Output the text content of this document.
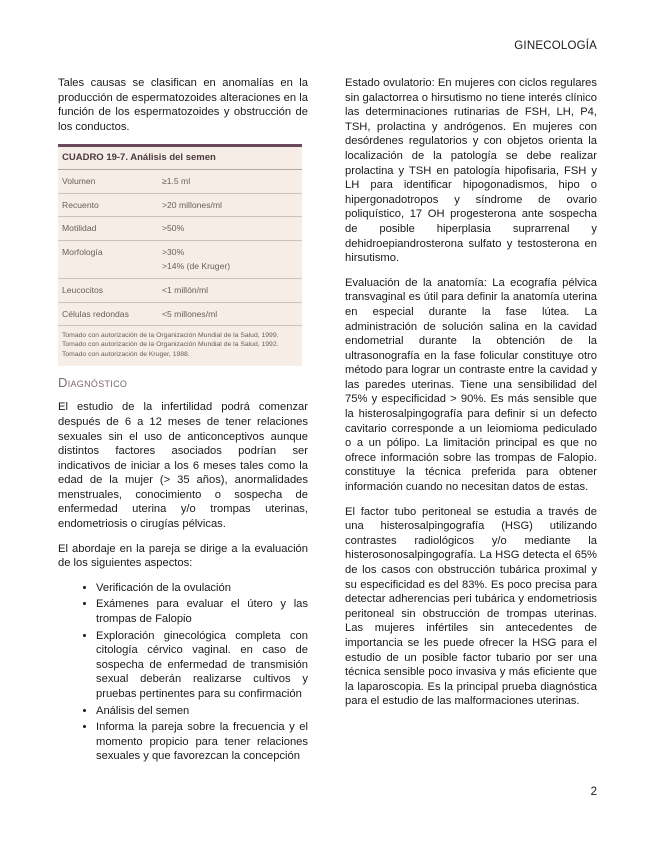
GINECOLOGÍA

Tales causas se clasifican en anomalías en la producción de espermatozoides alteraciones en la función de los espermatozoides y obstrucción de los conductos.

CUADRO 19-7. Análisis del semen
Volumen	≥1.5 ml
Recuento	>20 millones/ml
Motilidad	>50%
Morfología	>30%
>14% (de Kruger)
Leucocitos	<1 millón/ml
Células redondas	<5 millones/ml
Tomado con autorización de la Organización Mundial de la Salud, 1999.
Tomado con autorización de la Organización Mundial de la Salud, 1992.
Tomado con autorización de Kruger, 1988.
Diagnóstico

El estudio de la infertilidad podrá comenzar después de 6 a 12 meses de tener relaciones sexuales sin el uso de anticonceptivos aunque distintos factores asociados podrían ser indicativos de iniciar a los 6 meses tales como la edad de la mujer (> 35 años), anormalidades menstruales, conocimiento o sospecha de enfermedad uterina y/o trompas uterinas, endometriosis o cirugías pélvicas.

El abordaje en la pareja se dirige a la evaluación de los siguientes aspectos:

• Verificación de la ovulación
• Exámenes para evaluar el útero y las trompas de Falopio
• Exploración ginecológica completa con citología cérvico vaginal. en caso de sospecha de enfermedad de transmisión sexual deberán realizarse cultivos y pruebas pertinentes para su confirmación
• Análisis del semen
• Informa la pareja sobre la frecuencia y el momento propicio para tener relaciones sexuales y que favorezcan la concepción

Estado ovulatorio: En mujeres con ciclos regulares sin galactorrea o hirsutismo no tiene interés clínico las determinaciones rutinarias de FSH, LH, P4, TSH, prolactina y andrógenos. En mujeres con desórdenes regulatorios y con objetos orienta la localización de la patología se debe realizar prolactina y TSH en patología hipofisaria, FSH y LH para identificar hipogonadismos, hipo o hipergonadotropos y síndrome de ovario poliquístico, 17 OH progesterona ante sospecha de posible hiperplasia suprarrenal y dehidroepiandrosterona sulfato y testosterona en hirsutismo.

Evaluación de la anatomía: La ecografía pélvica transvaginal es útil para definir la anatomía uterina en especial durante la fase lútea. La administración de solución salina en la cavidad endometrial durante la obtención de la ultrasonografía en la fase folicular constituye otro método para lograr un contraste entre la cavidad y las paredes uterinas. Tiene una sensibilidad del 75% y especificidad > 90%. Es más sensible que la histerosalpingografía para definir si un defecto cavitario corresponde a un leiomioma pediculado o a un pólipo. La limitación principal es que no ofrece información sobre las trompas de Falopio. constituye la técnica preferida para obtener información cuando no necesitan datos de estas.

El factor tubo peritoneal se estudia a través de una histerosalpingografía (HSG) utilizando contrastes radiológicos y/o mediante la histerosonosalpingografía. La HSG detecta el 65% de los casos con obstrucción tubárica proximal y su especificidad es del 83%. Es poco precisa para detectar adherencias peri tubárica y endometriosis peritoneal sin obstrucción de trompas uterinas. Las mujeres infértiles sin antecedentes de importancia se les puede ofrecer la HSG para el estudio de un posible factor tubario por ser una técnica sensible poco invasiva y más eficiente que la laparoscopia. Es la principal prueba diagnóstica para el estudio de las malformaciones uterinas.

2
